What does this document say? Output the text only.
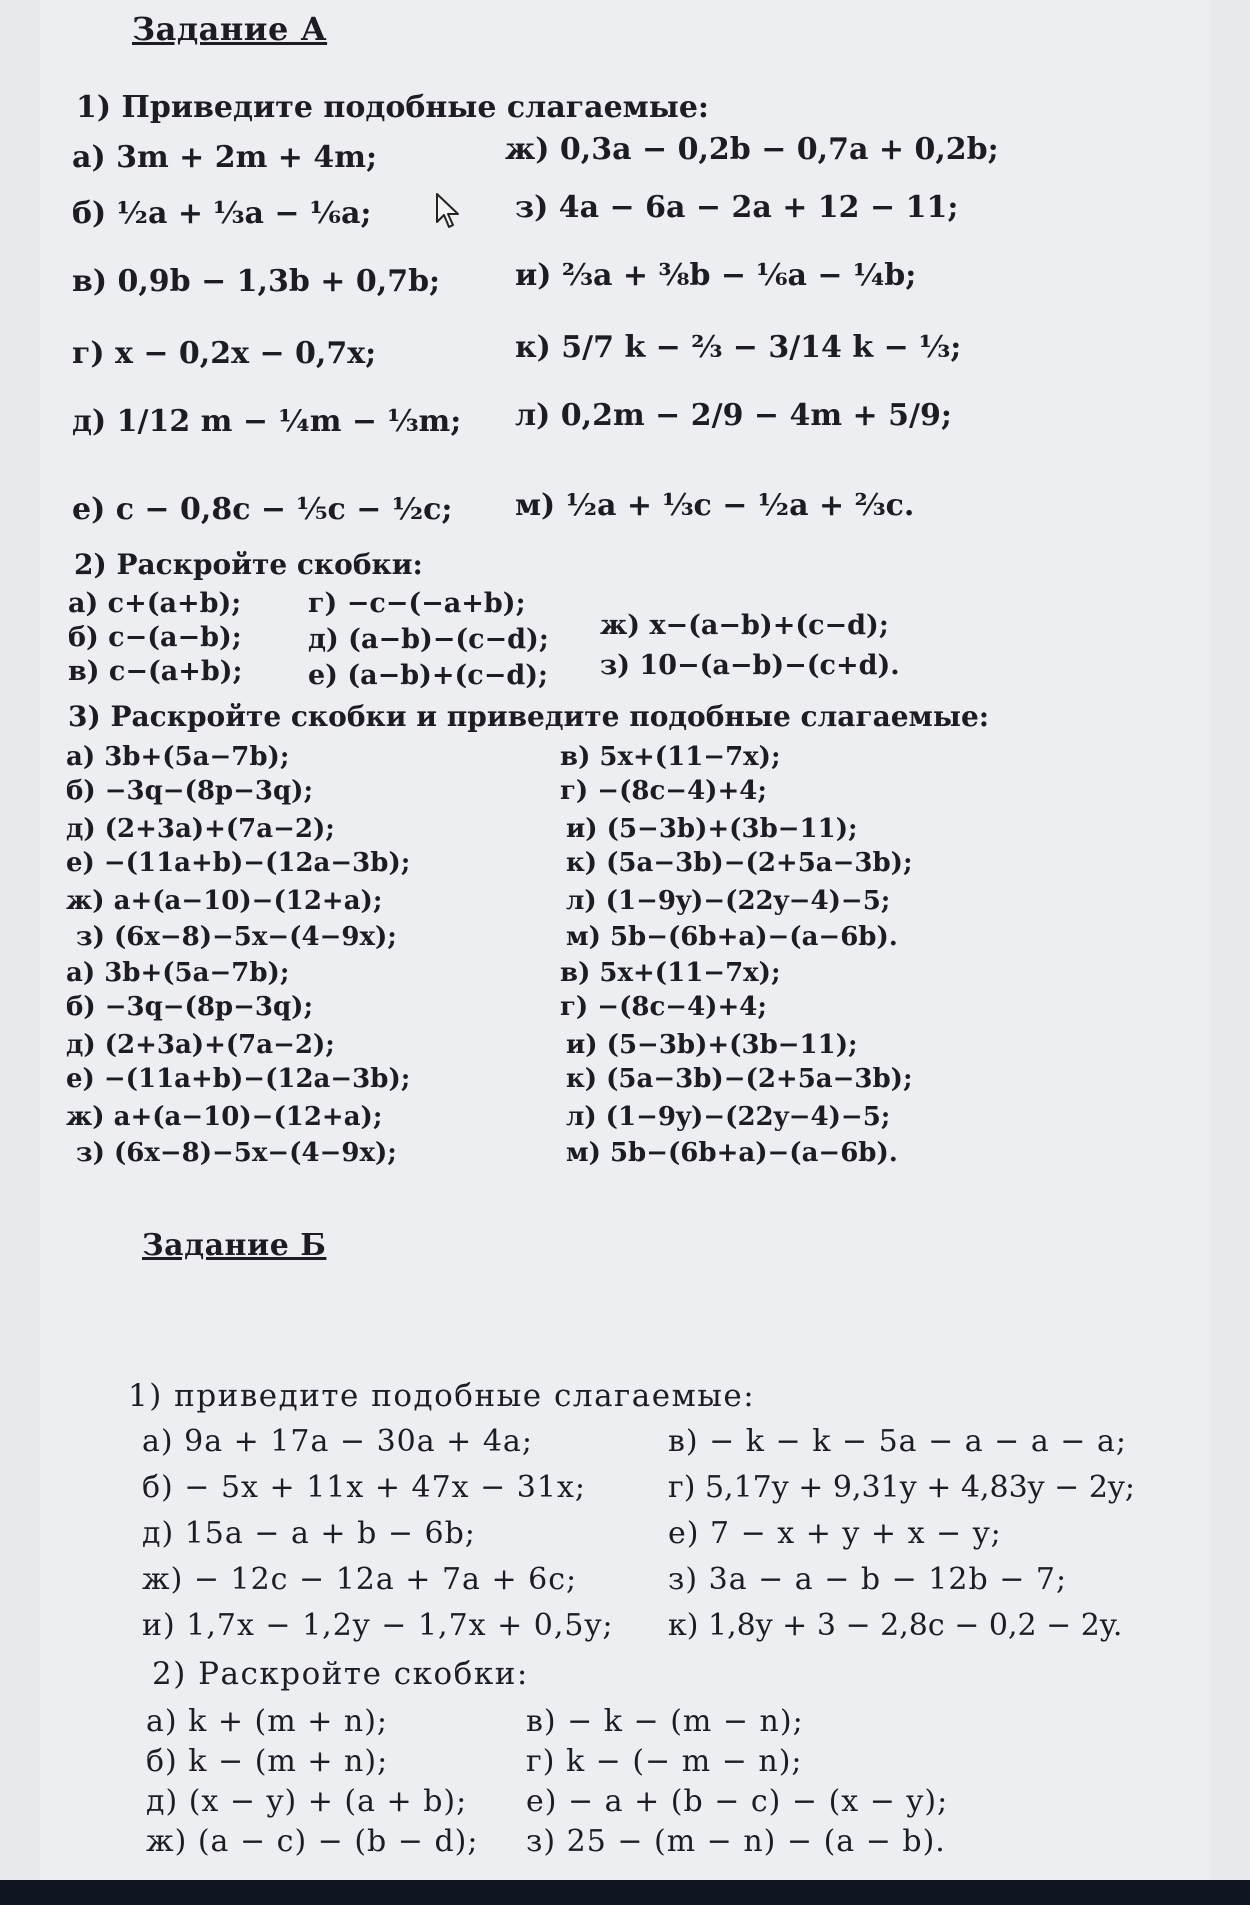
Задание А
1) Приведите подобные слагаемые:
а) 3m + 2m + 4m;
б) ½a + ⅓a − ⅙a;
в) 0,9b − 1,3b + 0,7b;
г) x − 0,2x − 0,7x;
д) 1/12 m − ¼m − ⅓m;
е) c − 0,8c − ⅕c − ½c;
ж) 0,3a − 0,2b − 0,7a + 0,2b;
з) 4a − 6a − 2a + 12 − 11;
и) ⅔a + ⅜b − ⅙a − ¼b;
к) 5/7 k − ⅔ − 3/14 k − ⅓;
л) 0,2m − 2/9 − 4m + 5/9;
м) ½a + ⅓c − ½a + ⅔c.
2) Раскройте скобки:
а) c+(a+b);
б) c−(a−b);
в) c−(a+b);
г) −c−(−a+b);
д) (a−b)−(c−d);
е) (a−b)+(c−d);
ж) x−(a−b)+(c−d);
з) 10−(a−b)−(c+d).
3) Раскройте скобки и приведите подобные слагаемые:
а) 3b+(5a−7b);
б) −3q−(8p−3q);
д) (2+3a)+(7a−2);
е) −(11a+b)−(12a−3b);
ж) a+(a−10)−(12+a);
з) (6x−8)−5x−(4−9x);
а) 3b+(5a−7b);
б) −3q−(8p−3q);
д) (2+3a)+(7a−2);
е) −(11a+b)−(12a−3b);
ж) a+(a−10)−(12+a);
з) (6x−8)−5x−(4−9x);
в) 5x+(11−7x);
г) −(8c−4)+4;
и) (5−3b)+(3b−11);
к) (5a−3b)−(2+5a−3b);
л) (1−9y)−(22y−4)−5;
м) 5b−(6b+a)−(a−6b).
в) 5x+(11−7x);
г) −(8c−4)+4;
и) (5−3b)+(3b−11);
к) (5a−3b)−(2+5a−3b);
л) (1−9y)−(22y−4)−5;
м) 5b−(6b+a)−(a−6b).
Задание Б
1) приведите подобные слагаемые:
а) 9a + 17a − 30a + 4a;
б) − 5x + 11x + 47x − 31x;
д) 15a − a + b − 6b;
ж) − 12c − 12a + 7a + 6c;
и) 1,7x − 1,2y − 1,7x + 0,5y;
в) − k − k − 5a − a − a − a;
г) 5,17y + 9,31y + 4,83y − 2y;
е) 7 − x + y + x − y;
з) 3a − a − b − 12b − 7;
к) 1,8y + 3 − 2,8c − 0,2 − 2y.
2) Раскройте скобки:
а) k + (m + n);
б) k − (m + n);
д) (x − y) + (a + b);
ж) (a − c) − (b − d);
в) − k − (m − n);
г) k − (− m − n);
е) − a + (b − c) − (x − y);
з) 25 − (m − n) − (a − b).
